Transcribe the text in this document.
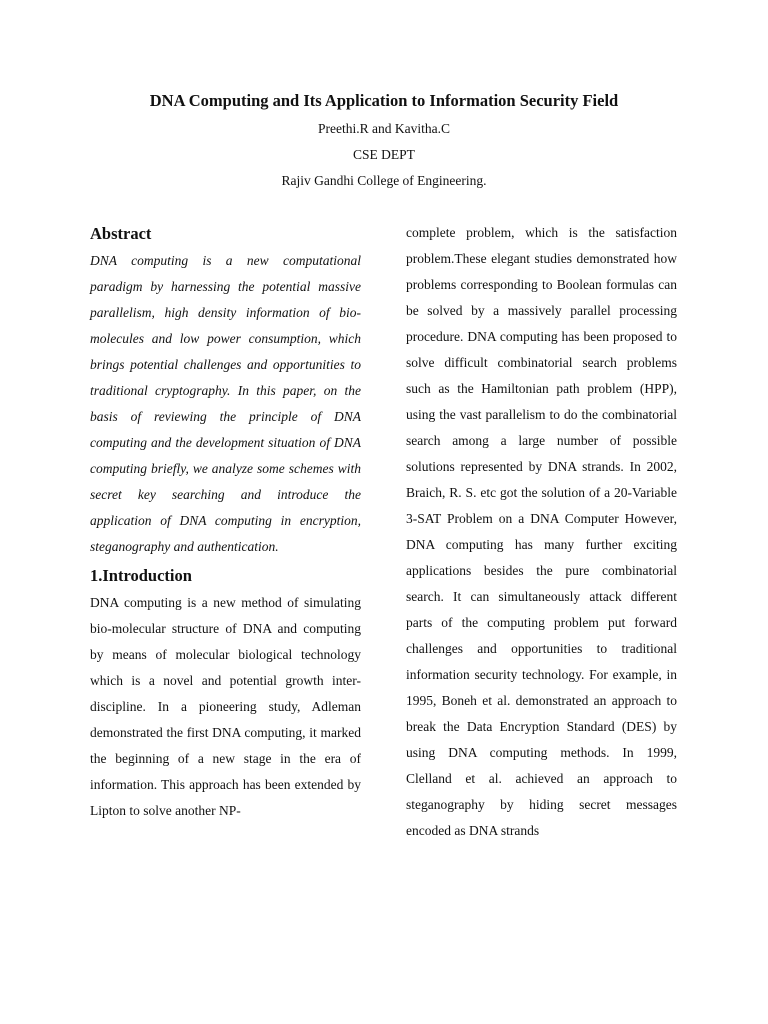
DNA Computing and Its Application to Information Security Field

Preethi.R and Kavitha.C

CSE DEPT

Rajiv Gandhi College of Engineering.

Abstract

DNA computing is a new computational paradigm by harnessing the potential massive parallelism, high density information of bio-molecules and low power consumption, which brings potential challenges and opportunities to traditional cryptography. In this paper, on the basis of reviewing the principle of DNA computing and the development situation of DNA computing briefly, we analyze some schemes with secret key searching and introduce the application of DNA computing in encryption, steganography and authentication.

1.Introduction

DNA computing is a new method of simulating bio-molecular structure of DNA and computing by means of molecular biological technology which is a novel and potential growth inter-discipline. In a pioneering study, Adleman demonstrated the first DNA computing, it marked the beginning of a new stage in the era of information. This approach has been extended by Lipton to solve another NP-

complete problem, which is the satisfaction problem.These elegant studies demonstrated how problems corresponding to Boolean formulas can be solved by a massively parallel processing procedure. DNA computing has been proposed to solve difficult combinatorial search problems such as the Hamiltonian path problem (HPP), using the vast parallelism to do the combinatorial search among a large number of possible solutions represented by DNA strands. In 2002, Braich, R. S. etc got the solution of a 20-Variable 3-SAT Problem on a DNA Computer However, DNA computing has many further exciting applications besides the pure combinatorial search. It can simultaneously attack different parts of the computing problem put forward challenges and opportunities to traditional information security technology. For example, in 1995, Boneh et al. demonstrated an approach to break the Data Encryption Standard (DES) by using DNA computing methods. In 1999, Clelland et al. achieved an approach to steganography by hiding secret messages encoded as DNA strands
